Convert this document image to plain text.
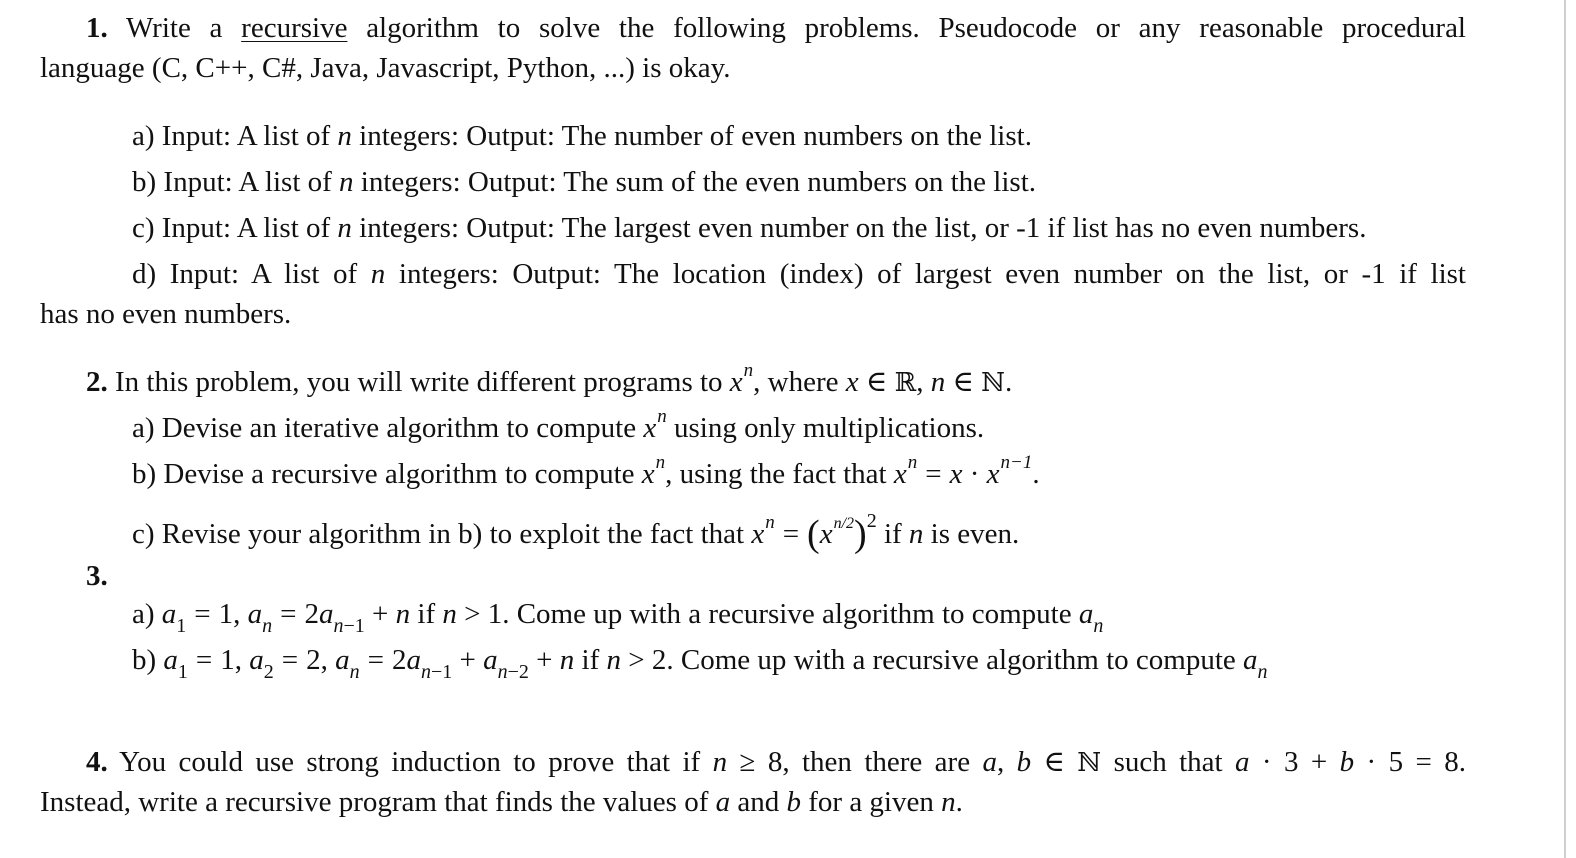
1. Write a recursive algorithm to solve the following problems. Pseudocode or any reasonable procedural
language (C, C++, C#, Java, Javascript, Python, ...) is okay.
a) Input: A list of n integers: Output: The number of even numbers on the list.
b) Input: A list of n integers: Output: The sum of the even numbers on the list.
c) Input: A list of n integers: Output: The largest even number on the list, or -1 if list has no even numbers.
d) Input: A list of n integers: Output: The location (index) of largest even number on the list, or -1 if list
has no even numbers.
2. In this problem, you will write different programs to $x^n$, where x ∈ ℝ, n ∈ ℕ.
a) Devise an iterative algorithm to compute $x^n$ using only multiplications.
b) Devise a recursive algorithm to compute $x^n$, using the fact that $x^n = x \cdot x^{n-1}$.
c) Revise your algorithm in b) to exploit the fact that $x^n = (x^{n/2})^2$ if n is even.
3.
a) $a_1 = 1$, $a_n = 2a_{n-1} + n$ if n > 1. Come up with a recursive algorithm to compute $a_n$
b) $a_1 = 1$, $a_2 = 2$, $a_n = 2a_{n-1} + a_{n-2} + n$ if n > 2. Come up with a recursive algorithm to compute $a_n$
4. You could use strong induction to prove that if n ≥ 8, then there are a, b ∈ ℕ such that a · 3 + b · 5 = 8.
Instead, write a recursive program that finds the values of a and b for a given n.
